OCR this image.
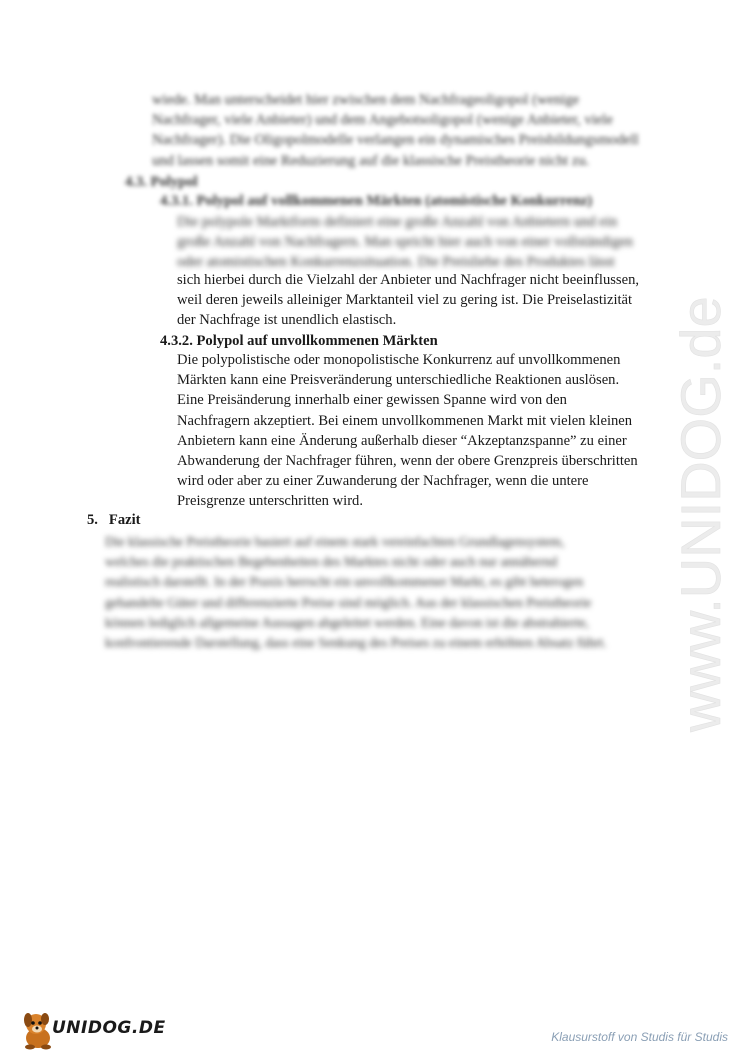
www.UNIDOG.de
wiede. Man unterscheidet hier zwischen dem Nachfrageoligopol (wenige
Nachfrager, viele Anbieter) und dem Angebotsoligopol (wenige Anbieter, viele
Nachfrager). Die Oligopolmodelle verlangen ein dynamisches Preisbildungsmodell
und lassen somit eine Reduzierung auf die klassische Preistheorie nicht zu.
4.3. Polypol
4.3.1. Polypol auf vollkommenen Märkten (atomistische Konkurrenz)
Die polypole Marktform definiert eine große Anzahl von Anbietern und ein
große Anzahl von Nachfragern. Man spricht hier auch von einer vollständigen
oder atomistischen Konkurrenzsituation. Die Preisliebe des Produktes lässt
sich hierbei durch die Vielzahl der Anbieter und Nachfrager nicht beeinflussen,
weil deren jeweils alleiniger Marktanteil viel zu gering ist. Die Preiselastizität
der Nachfrage ist unendlich elastisch.
4.3.2. Polypol auf unvollkommenen Märkten
Die polypolistische oder monopolistische Konkurrenz auf unvollkommenen
Märkten kann eine Preisveränderung unterschiedliche Reaktionen auslösen.
Eine Preisänderung innerhalb einer gewissen Spanne wird von den
Nachfragern akzeptiert. Bei einem unvollkommenen Markt mit vielen kleinen
Anbietern kann eine Änderung außerhalb dieser “Akzeptanzspanne” zu einer
Abwanderung der Nachfrager führen, wenn der obere Grenzpreis überschritten
wird oder aber zu einer Zuwanderung der Nachfrager, wenn die untere
Preisgrenze unterschritten wird.
5. Fazit
Die klassische Preistheorie basiert auf einem stark vereinfachten Grundlagensystem,
welches die praktischen Begebenheiten des Marktes nicht oder auch nur annähernd
realistisch darstellt. In der Praxis herrscht ein unvollkommener Markt, es gibt heterogen
gehandelte Güter und differenzierte Preise sind möglich. Aus der klassischen Preistheorie
können lediglich allgemeine Aussagen abgeleitet werden. Eine davon ist die abstrahierte,
konfrontierende Darstellung, dass eine Senkung des Preises zu einem erhöhten Absatz führt.
UNIDOG.DE	Klausurstoff von Studis für Studis
